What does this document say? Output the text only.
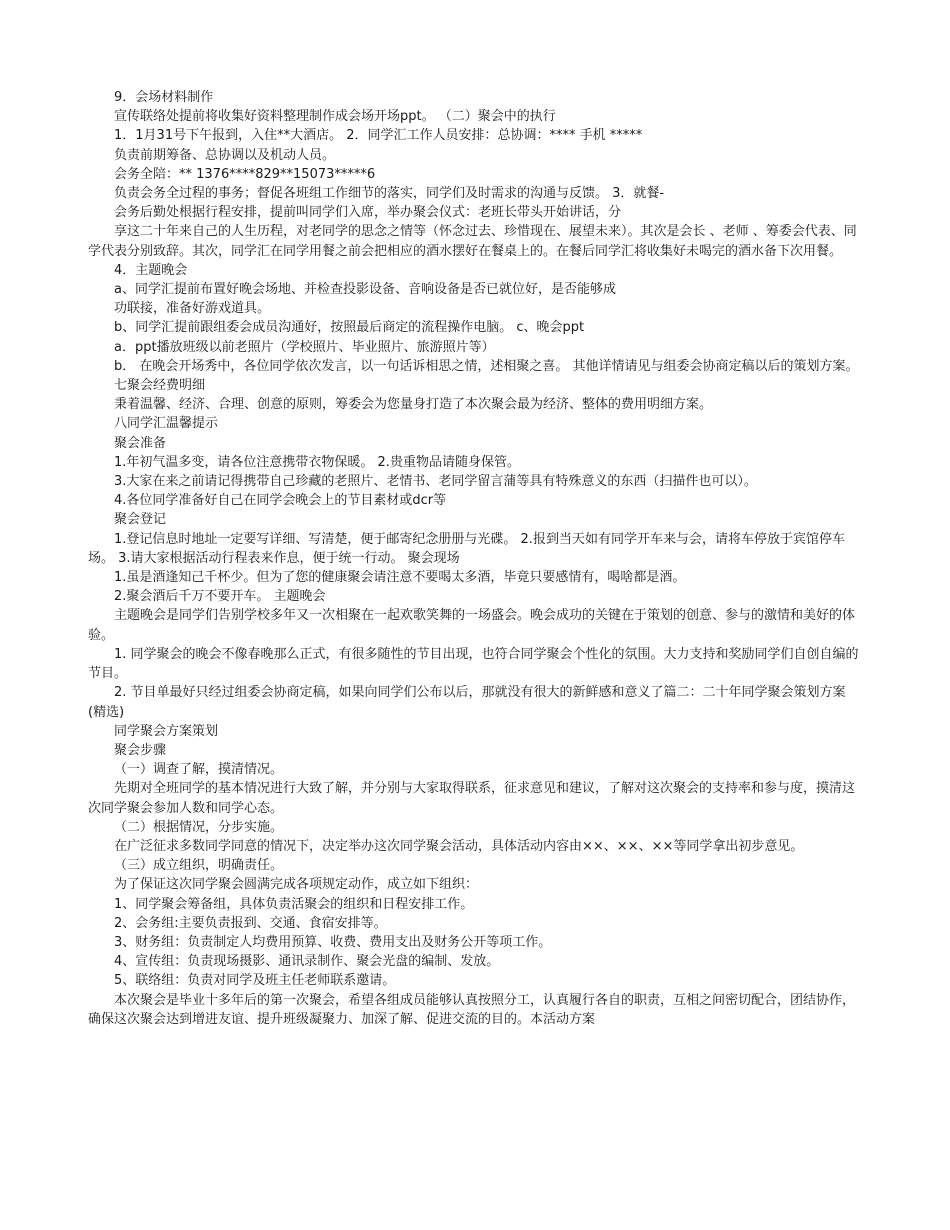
9．会场材料制作

宣传联络处提前将收集好资料整理制作成会场开场ppt。 （二）聚会中的执行

1．1月31号下午报到，入住**大酒店。 2．同学汇工作人员安排：总协调：**** 手机 *****

负责前期筹备、总协调以及机动人员。

会务全陪：** 1376****829**15073*****6

负责会务全过程的事务；督促各班组工作细节的落实，同学们及时需求的沟通与反馈。 3．就餐-

会务后勤处根据行程安排，提前叫同学们入席，举办聚会仪式：老班长带头开始讲话，分

享这二十年来自己的人生历程，对老同学的思念之情等（怀念过去、珍惜现在、展望未来）。其次是会长 、老师 、筹委会代表、同学代表分别致辞。其次，同学汇在同学用餐之前会把相应的酒水摆好在餐桌上的。在餐后同学汇将收集好未喝完的酒水备下次用餐。

4．主题晚会

a、同学汇提前布置好晚会场地、并检查投影设备、音响设备是否已就位好，是否能够成

功联接，准备好游戏道具。

b、同学汇提前跟组委会成员沟通好，按照最后商定的流程操作电脑。 c、晚会ppt

a．ppt播放班级以前老照片（学校照片、毕业照片、旅游照片等）

b． 在晚会开场秀中，各位同学依次发言，以一句话诉相思之情，述相聚之喜。 其他详情请见与组委会协商定稿以后的策划方案。

七聚会经费明细

秉着温馨、经济、合理、创意的原则，筹委会为您量身打造了本次聚会最为经济、整体的费用明细方案。

八同学汇温馨提示

聚会准备

1.年初气温多变，请各位注意携带衣物保暖。 2.贵重物品请随身保管。

3.大家在来之前请记得携带自己珍藏的老照片、老情书、老同学留言蒲等具有特殊意义的东西（扫描件也可以）。

4.各位同学准备好自己在同学会晚会上的节目素材或dcr等

聚会登记

1.登记信息时地址一定要写详细、写清楚，便于邮寄纪念册册与光碟。 2.报到当天如有同学开车来与会，请将车停放于宾馆停车场。 3.请大家根据活动行程表来作息，便于统一行动。 聚会现场

1.虽是酒逢知己千杯少。但为了您的健康聚会请注意不要喝太多酒，毕竟只要感情有，喝啥都是酒。

2.聚会酒后千万不要开车。 主题晚会

主题晚会是同学们告别学校多年又一次相聚在一起欢歌笑舞的一场盛会。晚会成功的关键在于策划的创意、参与的激情和美好的体验。

1. 同学聚会的晚会不像春晚那么正式，有很多随性的节目出现，也符合同学聚会个性化的氛围。大力支持和奖励同学们自创自编的节目。

2. 节目单最好只经过组委会协商定稿，如果向同学们公布以后，那就没有很大的新鲜感和意义了篇二：二十年同学聚会策划方案(精选)

同学聚会方案策划

聚会步骤

（一）调查了解，摸清情况。

先期对全班同学的基本情况进行大致了解，并分别与大家取得联系，征求意见和建议，了解对这次聚会的支持率和参与度，摸清这次同学聚会参加人数和同学心态。

（二）根据情况，分步实施。

在广泛征求多数同学同意的情况下，决定举办这次同学聚会活动，具体活动内容由××、××、××等同学拿出初步意见。

（三）成立组织，明确责任。

为了保证这次同学聚会圆满完成各项规定动作，成立如下组织：

1、同学聚会筹备组，具体负责活聚会的组织和日程安排工作。

2、会务组:主要负责报到、交通、食宿安排等。

3、财务组：负责制定人均费用预算、收费、费用支出及财务公开等项工作。

4、宣传组：负责现场摄影、通讯录制作、聚会光盘的编制、发放。

5、联络组：负责对同学及班主任老师联系邀请。

本次聚会是毕业十多年后的第一次聚会，希望各组成员能够认真按照分工，认真履行各自的职责，互相之间密切配合，团结协作，确保这次聚会达到增进友谊、提升班级凝聚力、加深了解、促进交流的目的。本活动方案
